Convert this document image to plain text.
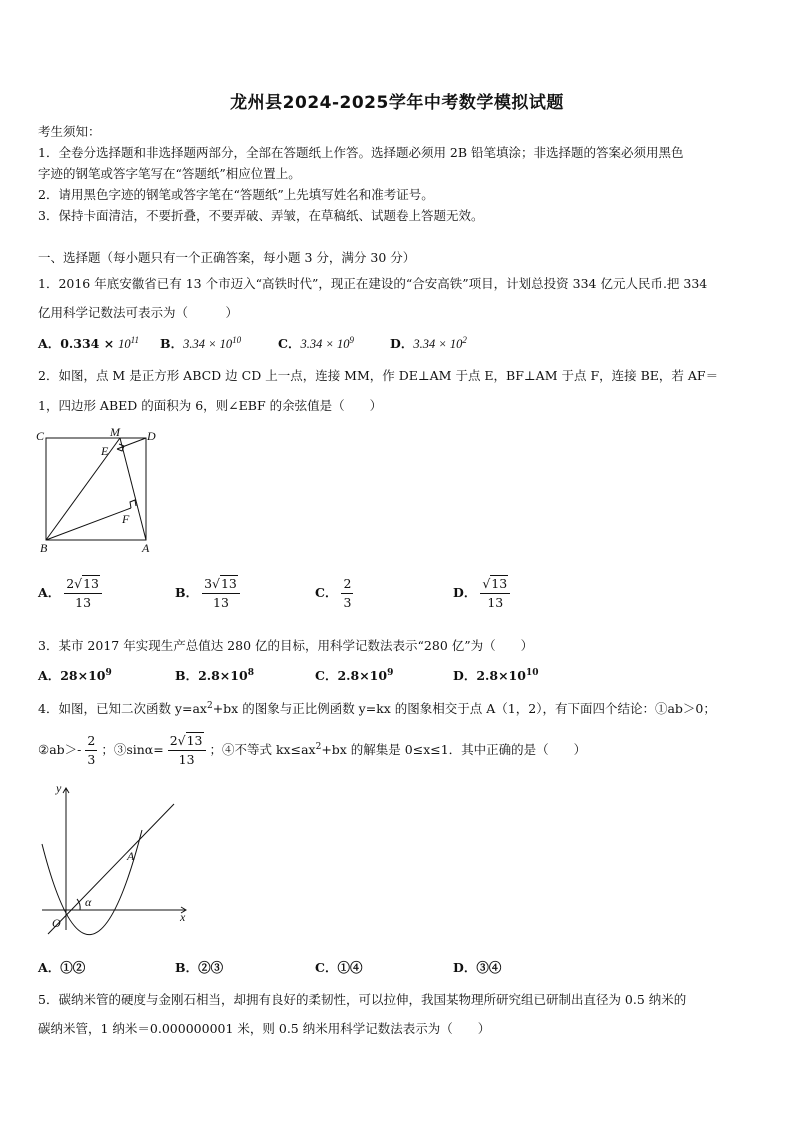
龙州县2024-2025学年中考数学模拟试题
考生须知：
1．全卷分选择题和非选择题两部分，全部在答题纸上作答。选择题必须用 2B 铅笔填涂；非选择题的答案必须用黑色
字迹的钢笔或答字笔写在“答题纸”相应位置上。
2．请用黑色字迹的钢笔或答字笔在“答题纸”上先填写姓名和准考证号。
3．保持卡面清洁，不要折叠，不要弄破、弄皱，在草稿纸、试题卷上答题无效。
一、选择题（每小题只有一个正确答案，每小题 3 分，满分 30 分）
1．2016 年底安徽省已有 13 个市迈入“高铁时代”，现正在建设的“合安高铁”项目，计划总投资 334 亿元人民币.把 334
亿用科学记数法可表示为（　　　）
A．$0.334 \times 10^{11}$ B．$3.34 \times 10^{10}$	C．$3.34 \times 10^9$	D．$3.34 \times 10^2$
2．如图，点 M 是正方形 ABCD 边 CD 上一点，连接 MM，作 DE⊥AM 于点 E，BF⊥AM 于点 F，连接 BE，若 AF＝
1，四边形 ABED 的面积为 6，则∠EBF 的余弦值是（　　）
C	M D
E
F
B	A
A． $\frac{2√13}{13}$	B． $\frac{3√13}{13}$	C． $\frac{2}{3}$	D． $\frac{√13}{13}$
3．某市 2017 年实现生产总值达 280 亿的目标，用科学记数法表示“280 亿”为（　　）
A．$28\times 10^9$	B．$2.8\times 10^8$	C．$2.8\times 10^9$	D．$2.8\times 10^{10}$
4．如图，已知二次函数 $y=ax^2+bx$ 的图象与正比例函数 y=kx 的图象相交于点 A（1，2），有下面四个结论：①ab＞0；
②ab＞- $\frac{2}{3}$ ；③sinα= $\frac{2√13}{13}$ ；④不等式 $kx\le ax^2+bx$ 的解集是 0≤x≤1．其中正确的是（　　）
y
x
O
A
α
A．①②	B．②③	C．①④	D．③④
5．碳纳米管的硬度与金刚石相当，却拥有良好的柔韧性，可以拉伸，我国某物理所研究组已研制出直径为 0.5 纳米的
碳纳米管，1 纳米＝0.000000001 米，则 0.5 纳米用科学记数法表示为（　　）
